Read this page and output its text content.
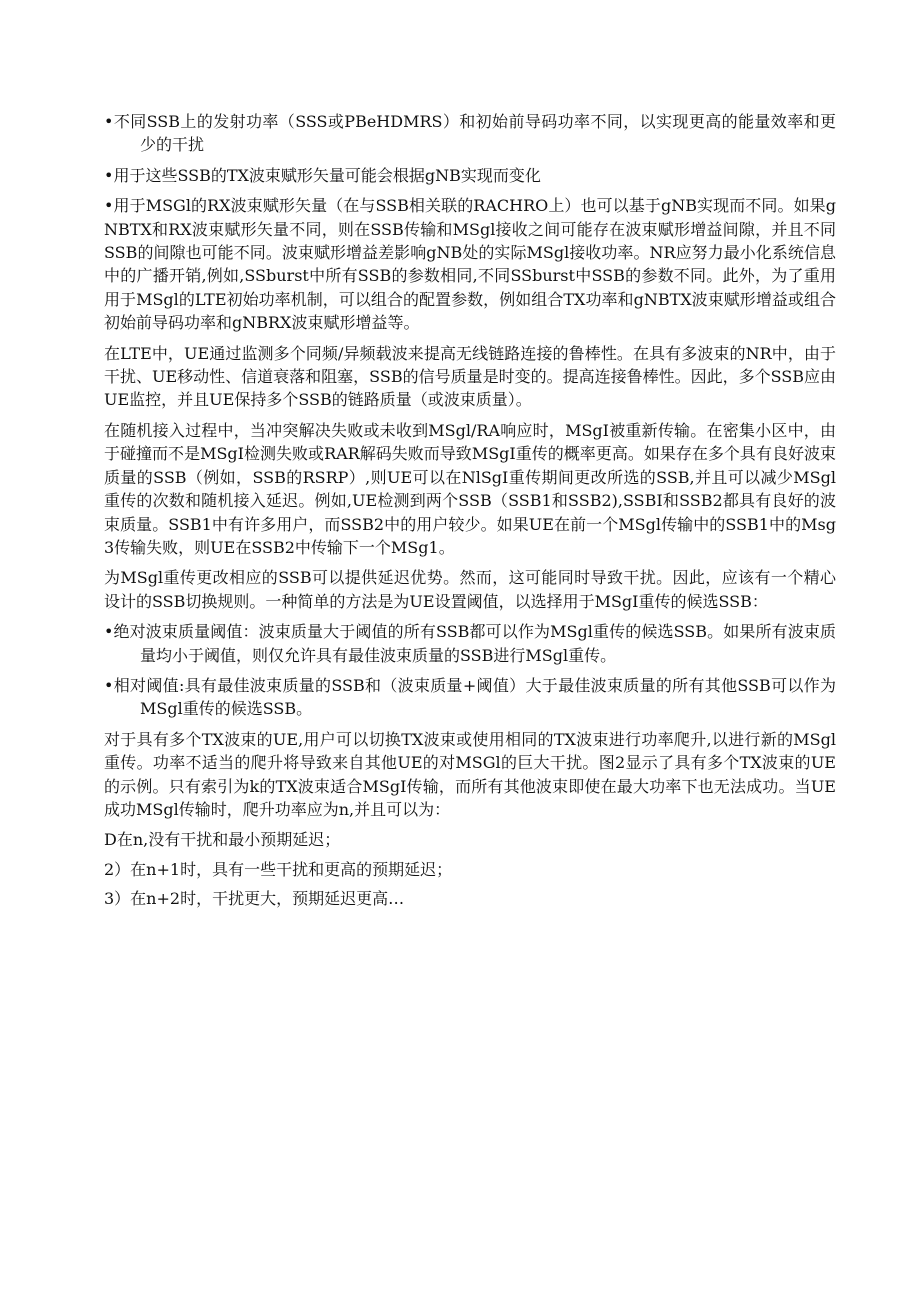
•不同SSB上的发射功率（SSS或PBeHDMRS）和初始前导码功率不同，以实现更高的能量效率和更少的干扰

•用于这些SSB的TX波束赋形矢量可能会根据gNB实现而变化

•用于MSGl的RX波束赋形矢量（在与SSB相关联的RACHRO上）也可以基于gNB实现而不同。如果gNBTX和RX波束赋形矢量不同，则在SSB传输和MSgl接收之间可能存在波束赋形增益间隙，并且不同SSB的间隙也可能不同。波束赋形增益差影响gNB处的实际MSgl接收功率。NR应努力最小化系统信息中的广播开销,例如,SSburst中所有SSB的参数相同,不同SSburst中SSB的参数不同。此外，为了重用用于MSgl的LTE初始功率机制，可以组合的配置参数，例如组合TX功率和gNBTX波束赋形增益或组合初始前导码功率和gNBRX波束赋形增益等。

在LTE中，UE通过监测多个同频/异频载波来提高无线链路连接的鲁棒性。在具有多波束的NR中，由于干扰、UE移动性、信道衰落和阻塞，SSB的信号质量是时变的。提高连接鲁棒性。因此，多个SSB应由UE监控，并且UE保持多个SSB的链路质量（或波束质量）。

在随机接入过程中，当冲突解决失败或未收到MSgl/RA响应时，MSgI被重新传输。在密集小区中，由于碰撞而不是MSgI检测失败或RAR解码失败而导致MSgI重传的概率更高。如果存在多个具有良好波束质量的SSB（例如，SSB的RSRP）,则UE可以在NlSgI重传期间更改所选的SSB,并且可以减少MSgl重传的次数和随机接入延迟。例如,UE检测到两个SSB（SSB1和SSB2),SSBI和SSB2都具有良好的波束质量。SSB1中有许多用户，而SSB2中的用户较少。如果UE在前一个MSgl传输中的SSB1中的Msg3传输失败，则UE在SSB2中传输下一个MSg1。

为MSgl重传更改相应的SSB可以提供延迟优势。然而，这可能同时导致干扰。因此，应该有一个精心设计的SSB切换规则。一种简单的方法是为UE设置阈值，以选择用于MSgI重传的候选SSB：

•绝对波束质量阈值：波束质量大于阈值的所有SSB都可以作为MSgl重传的候选SSB。如果所有波束质量均小于阈值，则仅允许具有最佳波束质量的SSB进行MSgl重传。

•相对阈值:具有最佳波束质量的SSB和（波束质量+阈值）大于最佳波束质量的所有其他SSB可以作为MSgl重传的候选SSB。

对于具有多个TX波束的UE,用户可以切换TX波束或使用相同的TX波束进行功率爬升,以进行新的MSgl重传。功率不适当的爬升将导致来自其他UE的对MSGl的巨大干扰。图2显示了具有多个TX波束的UE的示例。只有索引为k的TX波束适合MSgI传输，而所有其他波束即使在最大功率下也无法成功。当UE成功MSgl传输时，爬升功率应为n,并且可以为：

D在n,没有干扰和最小预期延迟；

2）在n+1时，具有一些干扰和更高的预期延迟；

3）在n+2时，干扰更大，预期延迟更高…
